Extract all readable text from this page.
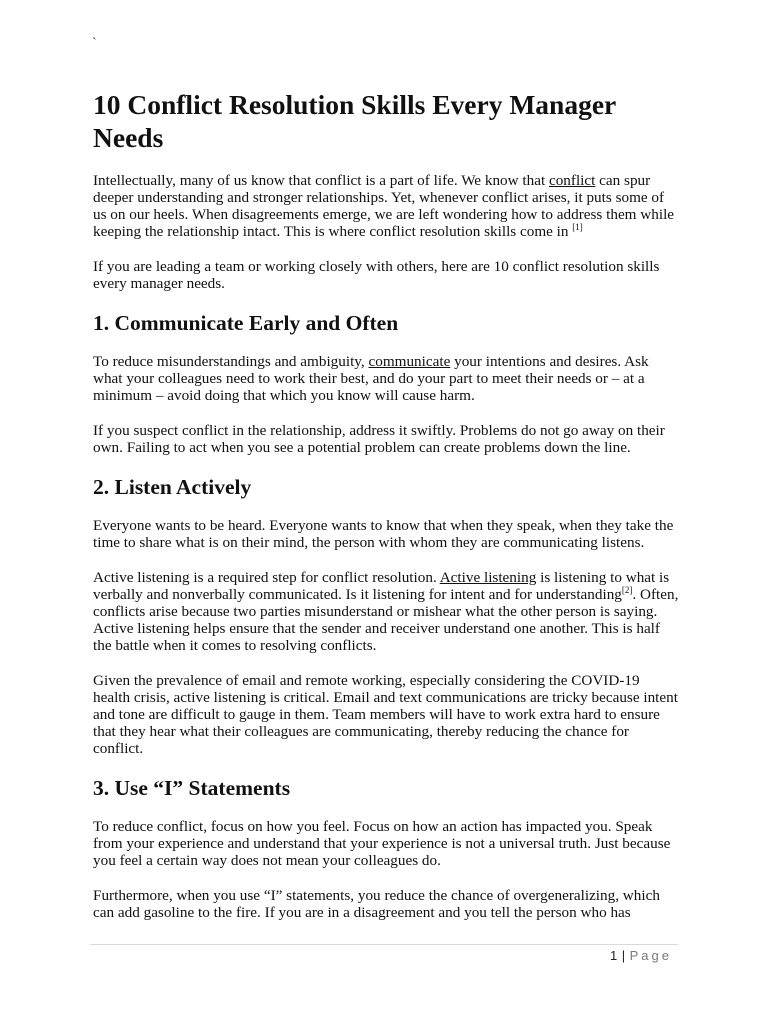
`
10 Conflict Resolution Skills Every Manager Needs

Intellectually, many of us know that conflict is a part of life. We know that conflict can spur deeper understanding and stronger relationships. Yet, whenever conflict arises, it puts some of us on our heels. When disagreements emerge, we are left wondering how to address them while keeping the relationship intact. This is where conflict resolution skills come in [1]

If you are leading a team or working closely with others, here are 10 conflict resolution skills every manager needs.

1. Communicate Early and Often

To reduce misunderstandings and ambiguity, communicate your intentions and desires. Ask what your colleagues need to work their best, and do your part to meet their needs or – at a minimum – avoid doing that which you know will cause harm.

If you suspect conflict in the relationship, address it swiftly. Problems do not go away on their own. Failing to act when you see a potential problem can create problems down the line.

2. Listen Actively

Everyone wants to be heard. Everyone wants to know that when they speak, when they take the time to share what is on their mind, the person with whom they are communicating listens.

Active listening is a required step for conflict resolution. Active listening is listening to what is verbally and nonverbally communicated. Is it listening for intent and for understanding[2]. Often, conflicts arise because two parties misunderstand or mishear what the other person is saying. Active listening helps ensure that the sender and receiver understand one another. This is half the battle when it comes to resolving conflicts.

Given the prevalence of email and remote working, especially considering the COVID-19 health crisis, active listening is critical. Email and text communications are tricky because intent and tone are difficult to gauge in them. Team members will have to work extra hard to ensure that they hear what their colleagues are communicating, thereby reducing the chance for conflict.

3. Use “I” Statements

To reduce conflict, focus on how you feel. Focus on how an action has impacted you. Speak from your experience and understand that your experience is not a universal truth. Just because you feel a certain way does not mean your colleagues do.

Furthermore, when you use “I” statements, you reduce the chance of overgeneralizing, which can add gasoline to the fire. If you are in a disagreement and you tell the person who has

1 | Page
